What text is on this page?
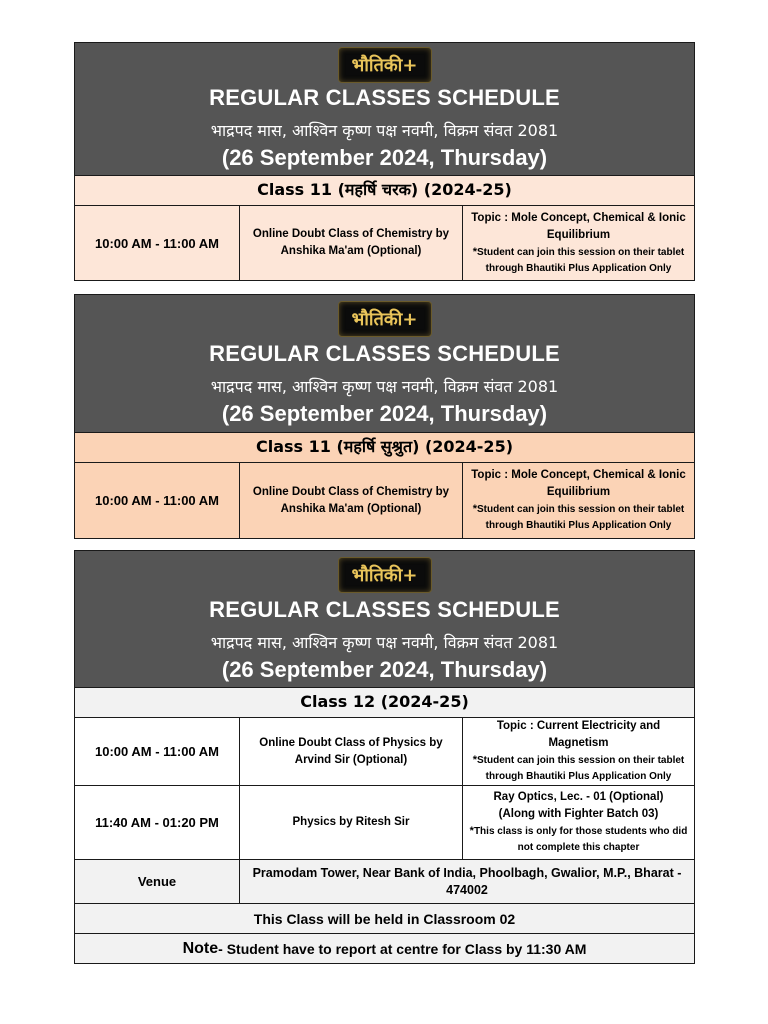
भौतिकी+
REGULAR CLASSES SCHEDULE
भाद्रपद मास, आश्विन कृष्ण पक्ष नवमी, विक्रम संवत 2081
(26 September 2024, Thursday)
Class 11 (महर्षि चरक) (2024-25)
10:00 AM - 11:00 AM
Online Doubt Class of Chemistry by Anshika Ma'am (Optional)
Topic : Mole Concept, Chemical & Ionic Equilibrium
*Student can join this session on their tablet through Bhautiki Plus Application Only
भौतिकी+
REGULAR CLASSES SCHEDULE
भाद्रपद मास, आश्विन कृष्ण पक्ष नवमी, विक्रम संवत 2081
(26 September 2024, Thursday)
Class 11 (महर्षि सुश्रुत) (2024-25)
10:00 AM - 11:00 AM
Online Doubt Class of Chemistry by Anshika Ma'am (Optional)
Topic : Mole Concept, Chemical & Ionic Equilibrium
*Student can join this session on their tablet through Bhautiki Plus Application Only
भौतिकी+
REGULAR CLASSES SCHEDULE
भाद्रपद मास, आश्विन कृष्ण पक्ष नवमी, विक्रम संवत 2081
(26 September 2024, Thursday)
Class 12 (2024-25)
10:00 AM - 11:00 AM
Online Doubt Class of Physics by Arvind Sir (Optional)
Topic : Current Electricity and Magnetism
*Student can join this session on their tablet through Bhautiki Plus Application Only
11:40 AM - 01:20 PM	Physics by Ritesh Sir
Ray Optics, Lec. - 01 (Optional)
(Along with Fighter Batch 03)
*This class is only for those students who did not complete this chapter
Venue
Pramodam Tower, Near Bank of India, Phoolbagh, Gwalior, M.P., Bharat - 474002
This Class will be held in Classroom 02
Note - Student have to report at centre for Class by 11:30 AM
